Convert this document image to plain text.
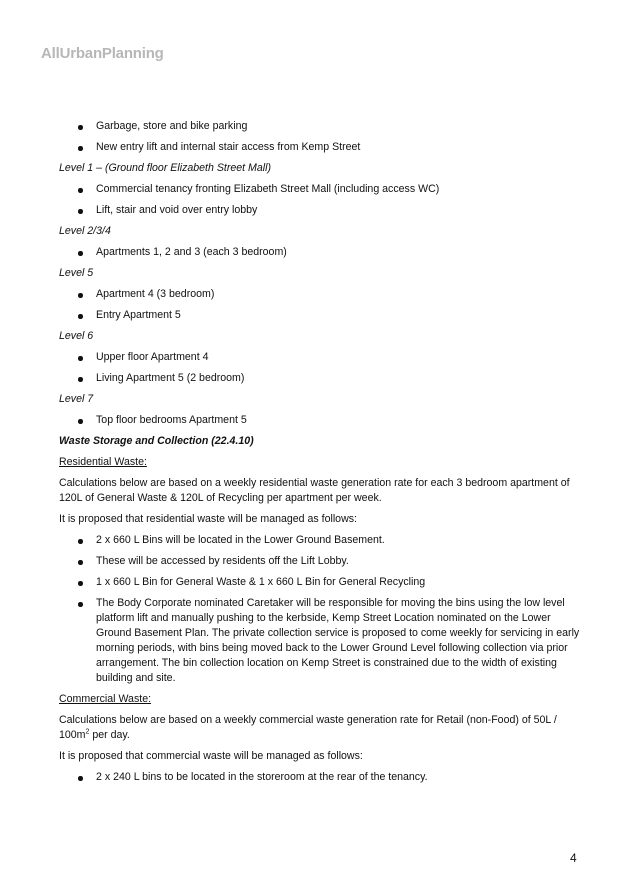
AllUrbanPlanning
Garbage, store and bike parking
New entry lift and internal stair access from Kemp Street
Level 1 – (Ground floor Elizabeth Street Mall)
Commercial tenancy fronting Elizabeth Street Mall (including access WC)
Lift, stair and void over entry lobby
Level 2/3/4
Apartments 1, 2 and 3 (each 3 bedroom)
Level 5
Apartment 4 (3 bedroom)
Entry Apartment 5
Level 6
Upper floor Apartment 4
Living Apartment 5 (2 bedroom)
Level 7
Top floor bedrooms Apartment 5
Waste Storage and Collection (22.4.10)
Residential Waste:
Calculations below are based on a weekly residential waste generation rate for each 3 bedroom apartment of 120L of General Waste & 120L of Recycling per apartment per week.
It is proposed that residential waste will be managed as follows:
2 x 660 L Bins will be located in the Lower Ground Basement.
These will be accessed by residents off the Lift Lobby.
1 x 660 L Bin for General Waste & 1 x 660 L Bin for General Recycling
The Body Corporate nominated Caretaker will be responsible for moving the bins using the low level platform lift and manually pushing to the kerbside, Kemp Street Location nominated on the Lower Ground Basement Plan. The private collection service is proposed to come weekly for servicing in early morning periods, with bins being moved back to the Lower Ground Level following collection via prior arrangement. The bin collection location on Kemp Street is constrained due to the width of existing building and site.
Commercial Waste:
Calculations below are based on a weekly commercial waste generation rate for Retail (non-Food) of $50L / 100m^2$ per day.
It is proposed that commercial waste will be managed as follows:
2 x 240 L bins to be located in the storeroom at the rear of the tenancy.
4
